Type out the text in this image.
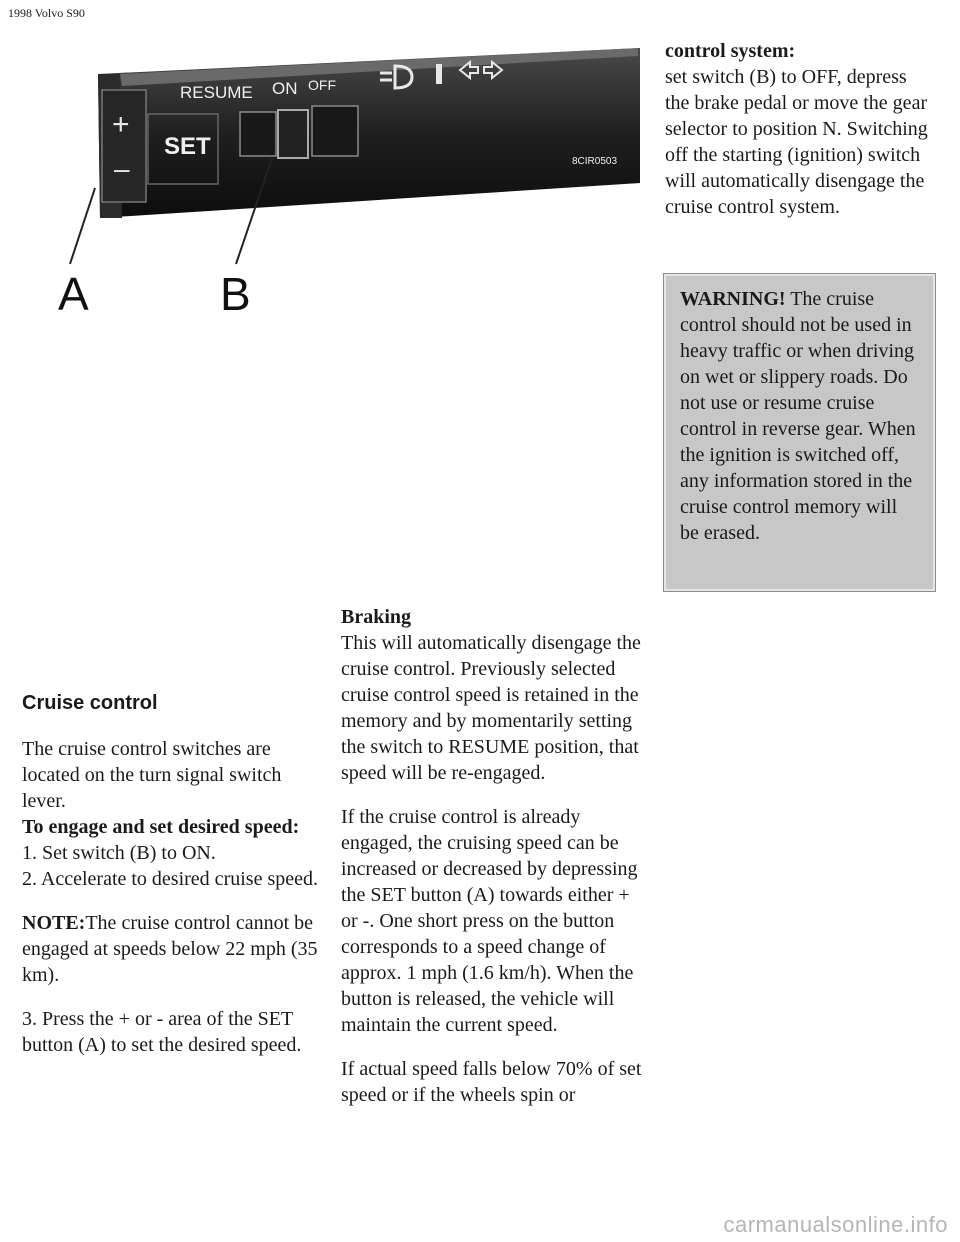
1998 Volvo S90
+
–
SET
RESUME ON OFF
8CIR0503
A	B
Cruise control

The cruise control switches are located on the turn signal switch lever.

To engage and set desired speed:
1. Set switch (B) to ON.
2. Accelerate to desired cruise speed.

NOTE:The cruise control cannot be engaged at speeds below 22 mph (35 km).

3. Press the + or - area of the SET button (A) to set the desired speed.

Braking
This will automatically disengage the cruise control. Previously selected cruise control speed is retained in the memory and by momentarily setting the switch to RESUME position, that speed will be re-engaged.

If the cruise control is already engaged, the cruising speed can be increased or decreased by depressing the SET button (A) towards either + or -. One short press on the button corresponds to a speed change of approx. 1 mph (1.6 km/h). When the button is released, the vehicle will maintain the current speed.

If actual speed falls below 70% of set speed or if the wheels spin or

control system:
set switch (B) to OFF, depress the brake pedal or move the gear selector to position N. Switching off the starting (ignition) switch will automatically disengage the cruise control system.
WARNING! The cruise control should not be used in heavy traffic or when driving on wet or slippery roads. Do not use or resume cruise control in reverse gear. When the ignition is switched off, any information stored in the cruise control memory will be erased.
carmanualsonline.info
